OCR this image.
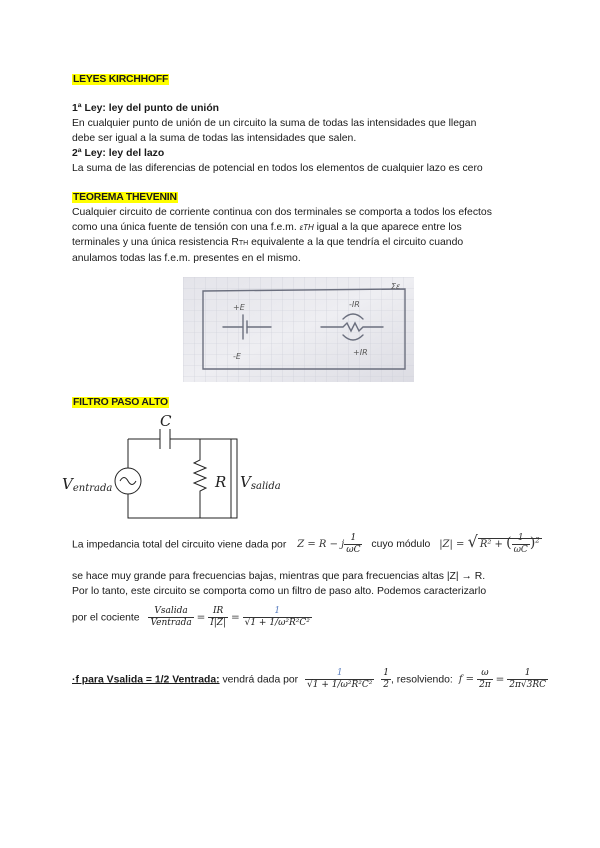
LEYES KIRCHHOFF

1ª Ley: ley del punto de unión

En cualquier punto de unión de un circuito la suma de todas las intensidades que llegan

debe ser igual a la suma de todas las intensidades que salen.

2ª Ley: ley del lazo

La suma de las diferencias de potencial en todos los elementos de cualquier lazo es cero

TEOREMA THEVENIN

Cualquier circuito de corriente continua con dos terminales se comporta a todos los efectos

como una única fuente de tensión con una f.e.m. εTH igual a la que aparece entre los

terminales y una única resistencia RTH equivalente a la que tendría el circuito cuando

anulamos todas las f.e.m. presentes en el mismo.

+E
-E
-IR
+IR
Σε
FILTRO PASO ALTO
C
R
Ventrada	Vsalida
La impedancia total del circuito viene dada por Z = R − j $\frac{1}{\omega C}$ cuyo módulo |Z| = √ R² + ( $\frac{1}{\omega C} )^2$

se hace muy grande para frecuencias bajas, mientras que para frecuencias altas |Z| → R.

Por lo tanto, este circuito se comporta como un filtro de paso alto. Podemos caracterizarlo

por el cociente $\frac{\text{Vsalida}}{\text{Ventrada}} = \frac{IR}{I|Z|} = \frac{1}{\text{√1 + 1/ω²R²C²}}$
·f para Vsalida = 1/2 Ventrada: vendrá dada por $\frac{1}{\text{√1 + 1/ω²R²C²}}$
$\frac{1}{2}$ , resolviendo: $f = \frac{\omega}{2\pi} = \frac{1}{2\pi√3RC}$
